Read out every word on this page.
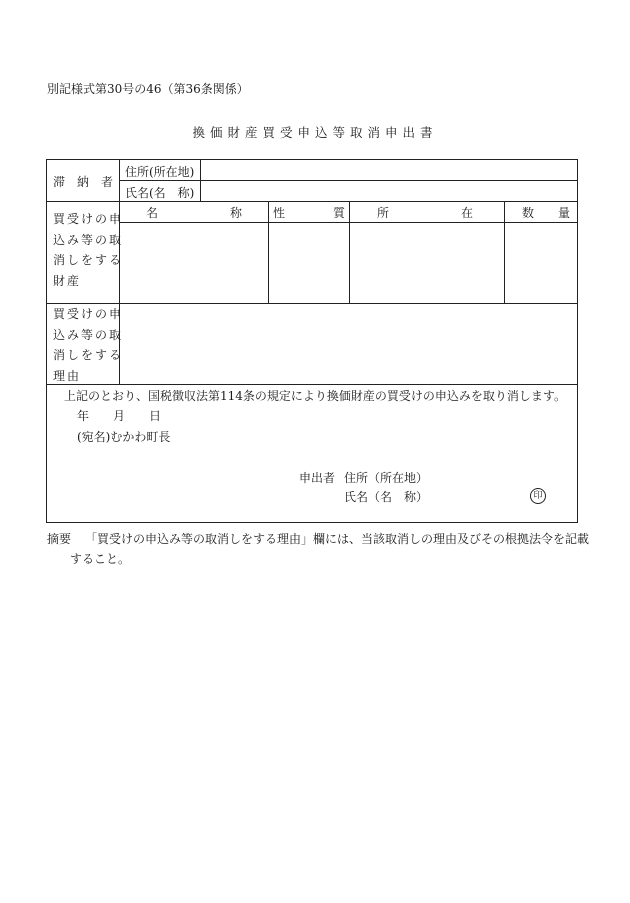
別記様式第30号の46（第36条関係）
換価財産買受申込等取消申出書
滞　納　者
住所(所在地)
氏名(名　称)
買受けの申
込み等の取
消しをする
財産
名　　　　　　称	性　　　　質	所　　　　　　在	数　　量
買受けの申
込み等の取
消しをする
理由
上記のとおり、国税徴収法第114条の規定により換価財産の買受けの申込みを取り消します。
年　　月　　日
(宛名)むかわ町長
申出者 住所（所在地）
氏名（名　称）	印
摘要 「買受けの申込み等の取消しをする理由」欄には、当該取消しの理由及びその根拠法令を記載
すること。
